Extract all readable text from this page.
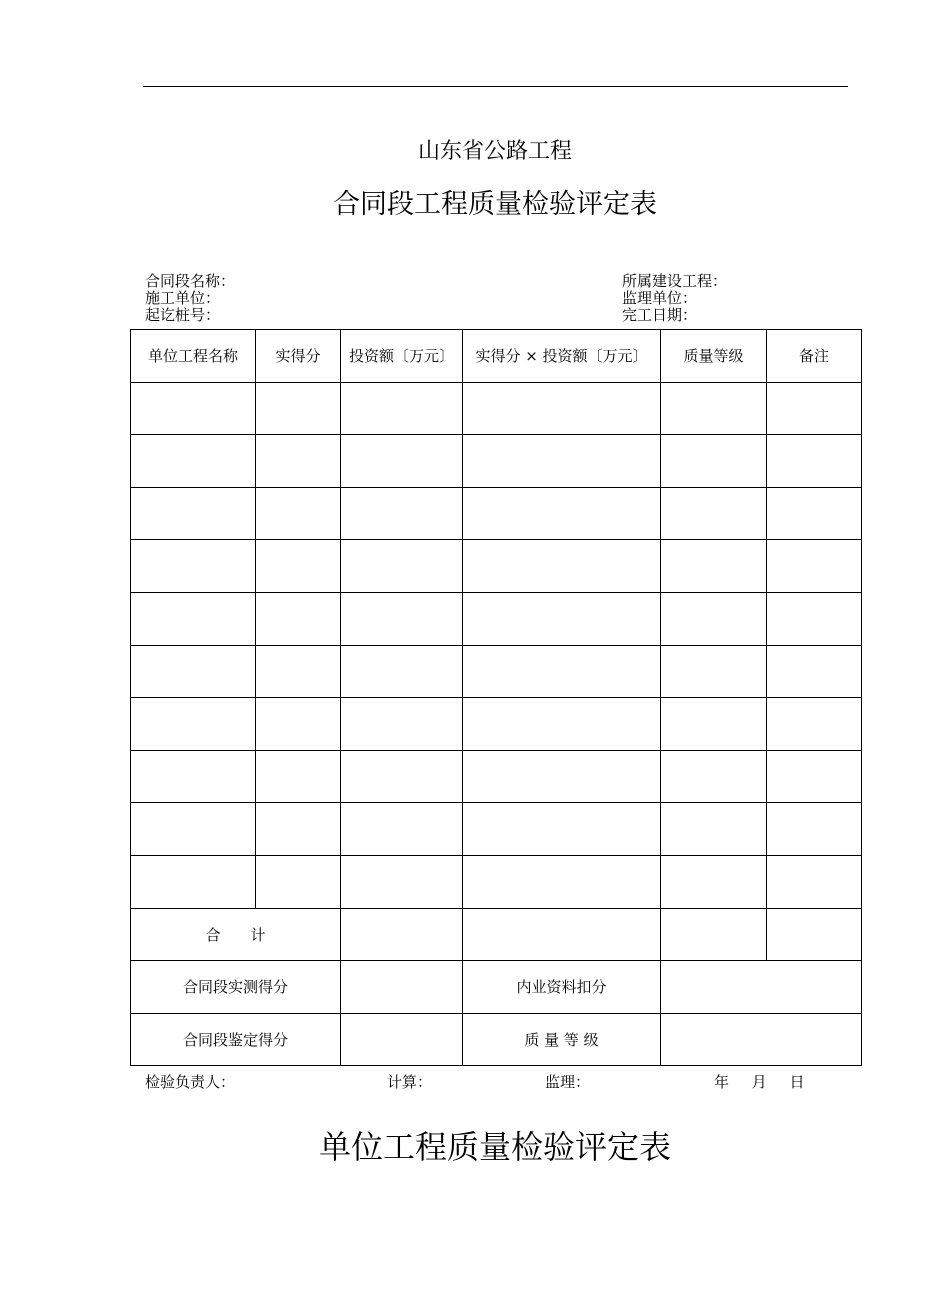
山东省公路工程
合同段工程质量检验评定表
合同段名称：
施工单位：
起讫桩号：
所属建设工程：
监理单位：
完工日期：
单位工程名称	实得分	投资额〔万元〕	实得分 × 投资额〔万元〕	质量等级	备注

合　　计					
合同段实测得分			内业资料扣分		
合同段鉴定得分			质 量 等 级		
检验负责人：	计算：	监理：	年 月 日
单位工程质量检验评定表
